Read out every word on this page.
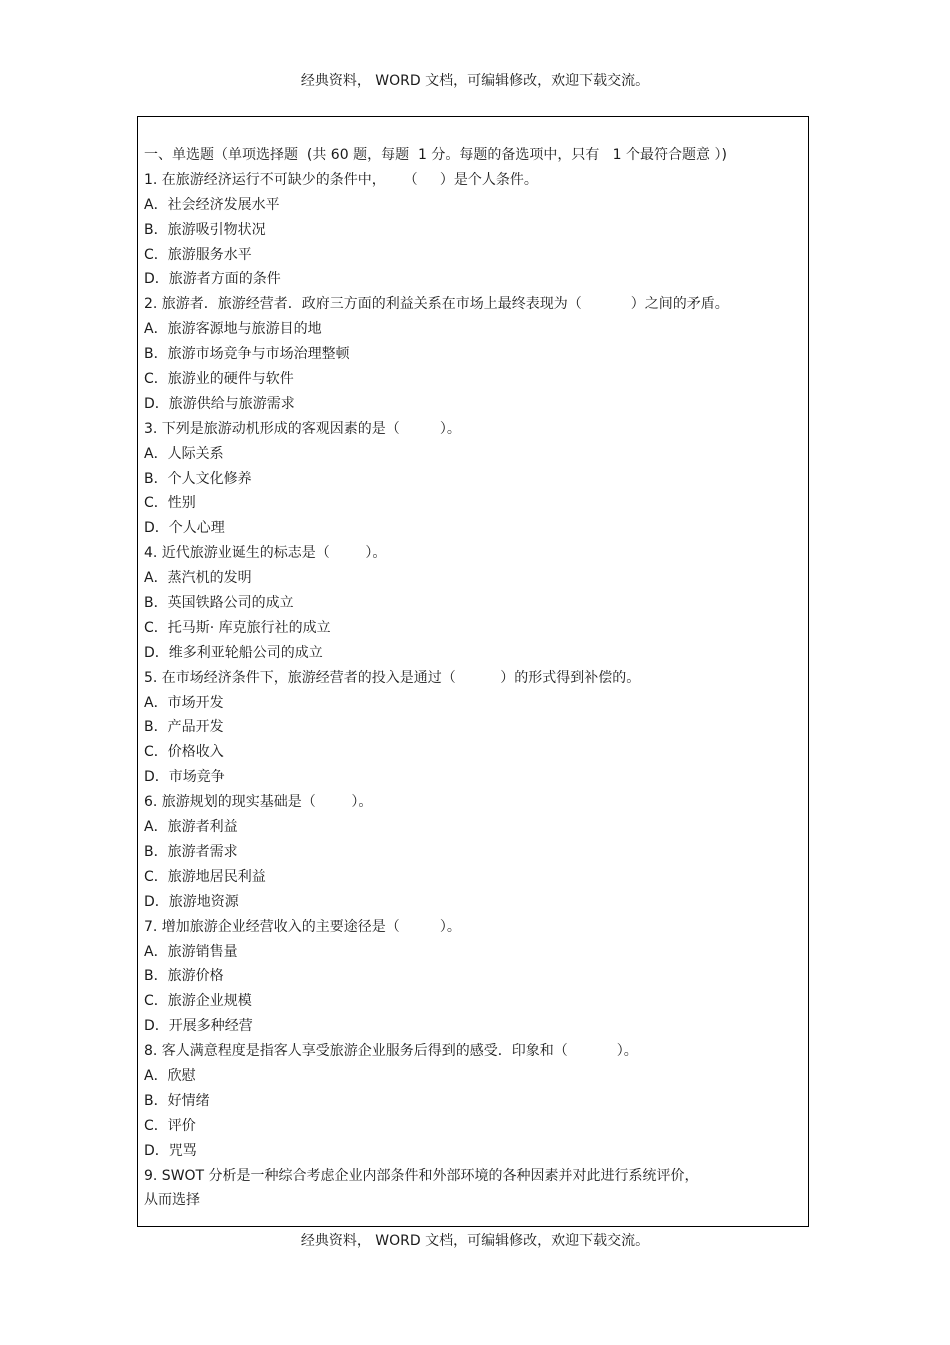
经典资料， WORD 文档，可编辑修改，欢迎下载交流。
一、单选题（单项选择题  (共 60 题，每题  1 分。每题的备选项中，只有   1 个最符合题意 ）)
1. 在旅游经济运行不可缺少的条件中，    （     ）是个人条件。
A．社会经济发展水平
B．旅游吸引物状况
C．旅游服务水平
D．旅游者方面的条件
2. 旅游者．旅游经营者．政府三方面的利益关系在市场上最终表现为（           ）之间的矛盾。
A．旅游客源地与旅游目的地
B．旅游市场竞争与市场治理整顿
C．旅游业的硬件与软件
D．旅游供给与旅游需求
3. 下列是旅游动机形成的客观因素的是（         ）。
A．人际关系
B．个人文化修养
C．性别
D．个人心理
4. 近代旅游业诞生的标志是（        ）。
A．蒸汽机的发明
B．英国铁路公司的成立
C．托马斯· 库克旅行社的成立
D．维多利亚轮船公司的成立
5. 在市场经济条件下，旅游经营者的投入是通过（          ）的形式得到补偿的。
A．市场开发
B．产品开发
C．价格收入
D．市场竞争
6. 旅游规划的现实基础是（        ）。
A．旅游者利益
B．旅游者需求
C．旅游地居民利益
D．旅游地资源
7. 增加旅游企业经营收入的主要途径是（         ）。
A．旅游销售量
B．旅游价格
C．旅游企业规模
D．开展多种经营
8. 客人满意程度是指客人享受旅游企业服务后得到的感受．印象和（           ）。
A．欣慰
B．好情绪
C．评价
D．咒骂
9. SWOT 分析是一种综合考虑企业内部条件和外部环境的各种因素并对此进行系统评价，
从而选择
经典资料， WORD 文档，可编辑修改，欢迎下载交流。
